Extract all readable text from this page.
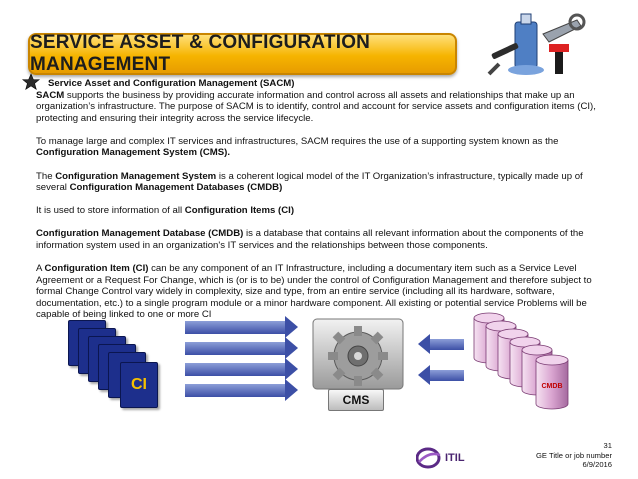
SERVICE ASSET & CONFIGURATION MANAGEMENT
Service Asset and Configuration Management (SACM)

SACM supports the business by providing accurate information and control across all assets and relationships that make up an organization’s infrastructure. The purpose of SACM is to identify, control and account for service assets and configuration items (CI), protecting and ensuring their integrity across the service lifecycle.

To manage large and complex IT services and infrastructures, SACM requires the use of a supporting system known as the Configuration Management System (CMS).

The Configuration Management System is a coherent logical model of the IT Organization’s infrastructure, typically made up of several Configuration Management Databases (CMDB)

It is used to store information of all Configuration Items (CI)

Configuration Management Database (CMDB) is a database that contains all relevant information about the components of the information system used in an organization's IT services and the relationships between those components.

A Configuration Item (CI) can be any component of an IT Infrastructure, including a documentary item such as a Service Level Agreement or a Request For Change, which is (or is to be) under the control of Configuration Management and therefore subject to formal Change Control vary widely in complexity, size and type, from an entire service (including all its hardware, software, documentation, etc.) to a single program module or a minor hardware component. All existing or potential service Problems will be capable of being linked to one or more CI

CI
CMS
CMDB
ITIL
31
GE Title or job number
6/9/2016
